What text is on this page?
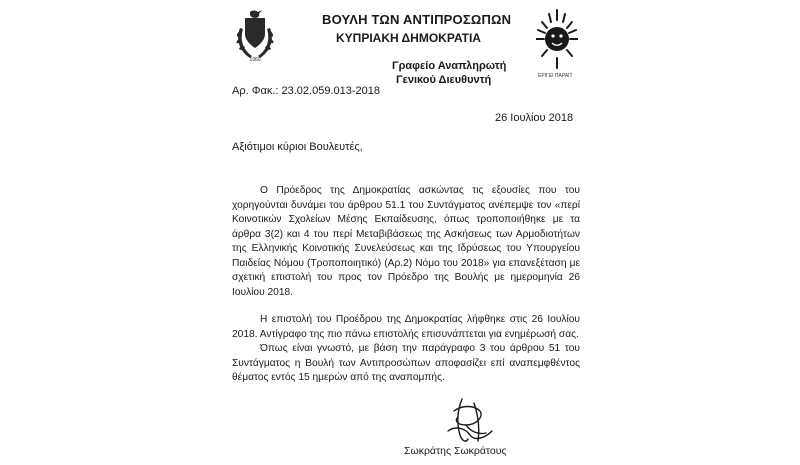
1960
ΒΟΥΛΗ ΤΩΝ ΑΝΤΙΠΡΟΣΩΠΩΝ
ΚΥΠΡΙΑΚΗ ΔΗΜΟΚΡΑΤΙΑ
ΕΡΙΓΕΙ ΠΑΡΑΙΤ
Γραφείο Αναπληρωτή
Γενικού Διευθυντή
Αρ. Φακ.: 23.02.059.013-2018
26 Ιουλίου 2018
Αξιότιμοι κύριοι Βουλευτές,
Ο Πρόεδρος της Δημοκρατίας ασκώντας τις εξουσίες που του χορηγούνται δυνάμει του άρθρου 51.1 του Συντάγματος ανέπεμψε τον «περί Κοινοτικών Σχολείων Μέσης Εκπαίδευσης, όπως τροποποιήθηκε με τα άρθρα 3(2) και 4 του περί Μεταβιβάσεως της Ασκήσεως των Αρμοδιοτήτων της Ελληνικής Κοινοτικής Συνελεύσεως και της Ιδρύσεως του Υπουργείου Παιδείας Νόμου (Τροποποιητικό) (Αρ.2) Νόμο του 2018» για επανεξέταση με σχετική επιστολή του προς τον Πρόεδρο της Βουλής με ημερομηνία 26 Ιουλίου 2018.
Η επιστολή του Προέδρου της Δημοκρατίας λήφθηκε στις 26 Ιουλίου 2018. Αντίγραφο της πιο πάνω επιστολής επισυνάπτεται για ενημέρωσή σας.
Όπως είναι γνωστό, με βάση την παράγραφο 3 του άρθρου 51 του Συντάγματος η Βουλή των Αντιπροσώπων αποφασίζει επί αναπεμφθέντος θέματος εντός 15 ημερών από της αναπομπής.
Σωκράτης Σωκράτους
